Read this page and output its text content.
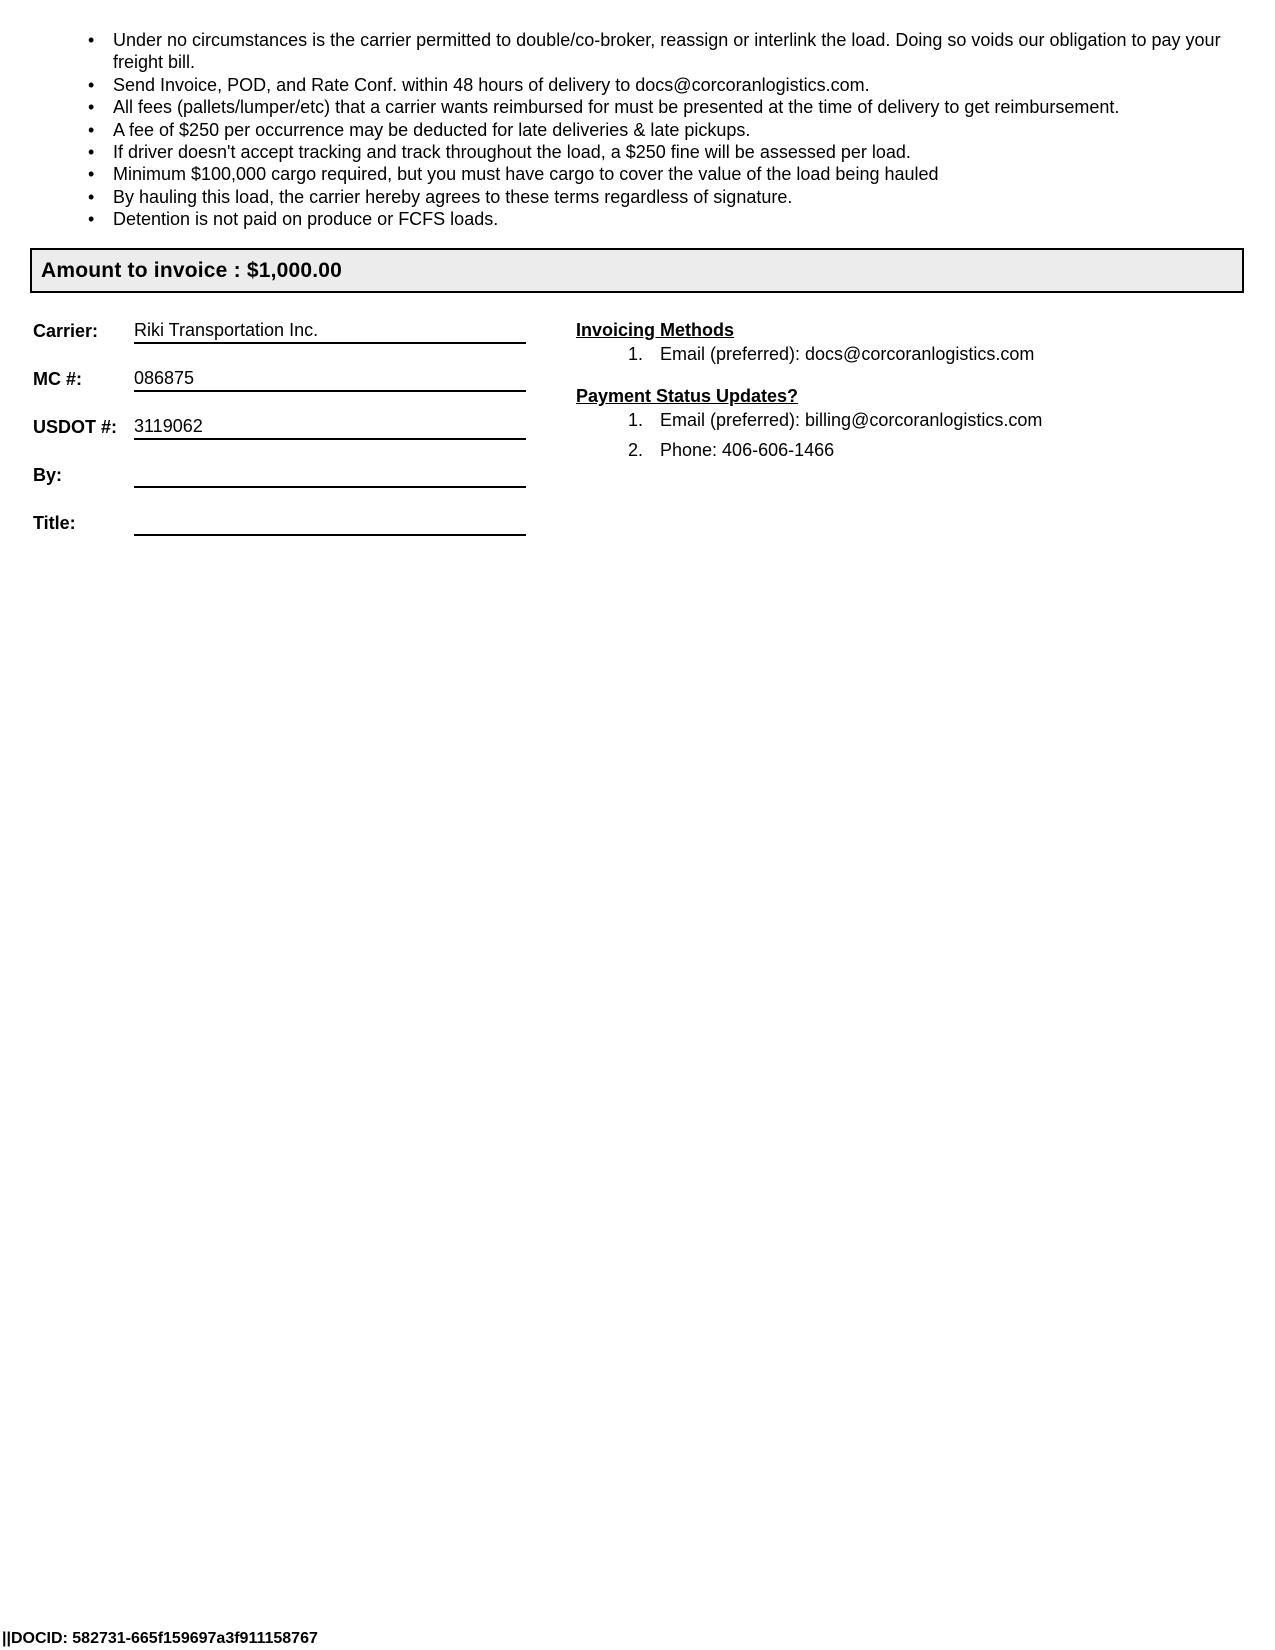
• Under no circumstances is the carrier permitted to double/co-broker, reassign or interlink the load. Doing so voids our obligation to pay your freight bill.
• Send Invoice, POD, and Rate Conf. within 48 hours of delivery to docs@corcoranlogistics.com.
• All fees (pallets/lumper/etc) that a carrier wants reimbursed for must be presented at the time of delivery to get reimbursement.
• A fee of $250 per occurrence may be deducted for late deliveries & late pickups.
• If driver doesn't accept tracking and track throughout the load, a $250 fine will be assessed per load.
• Minimum $100,000 cargo required, but you must have cargo to cover the value of the load being hauled
• By hauling this load, the carrier hereby agrees to these terms regardless of signature.
• Detention is not paid on produce or FCFS loads.
Amount to invoice : $1,000.00
Carrier: Riki Transportation Inc.
MC #:	086875
USDOT #: 3119062
By:
Title:

Invoicing Methods

1. Email (preferred): docs@corcoranlogistics.com

Payment Status Updates?

1. Email (preferred): billing@corcoranlogistics.com
2. Phone: 406-606-1466
||DOCID: 582731-665f159697a3f911158767
